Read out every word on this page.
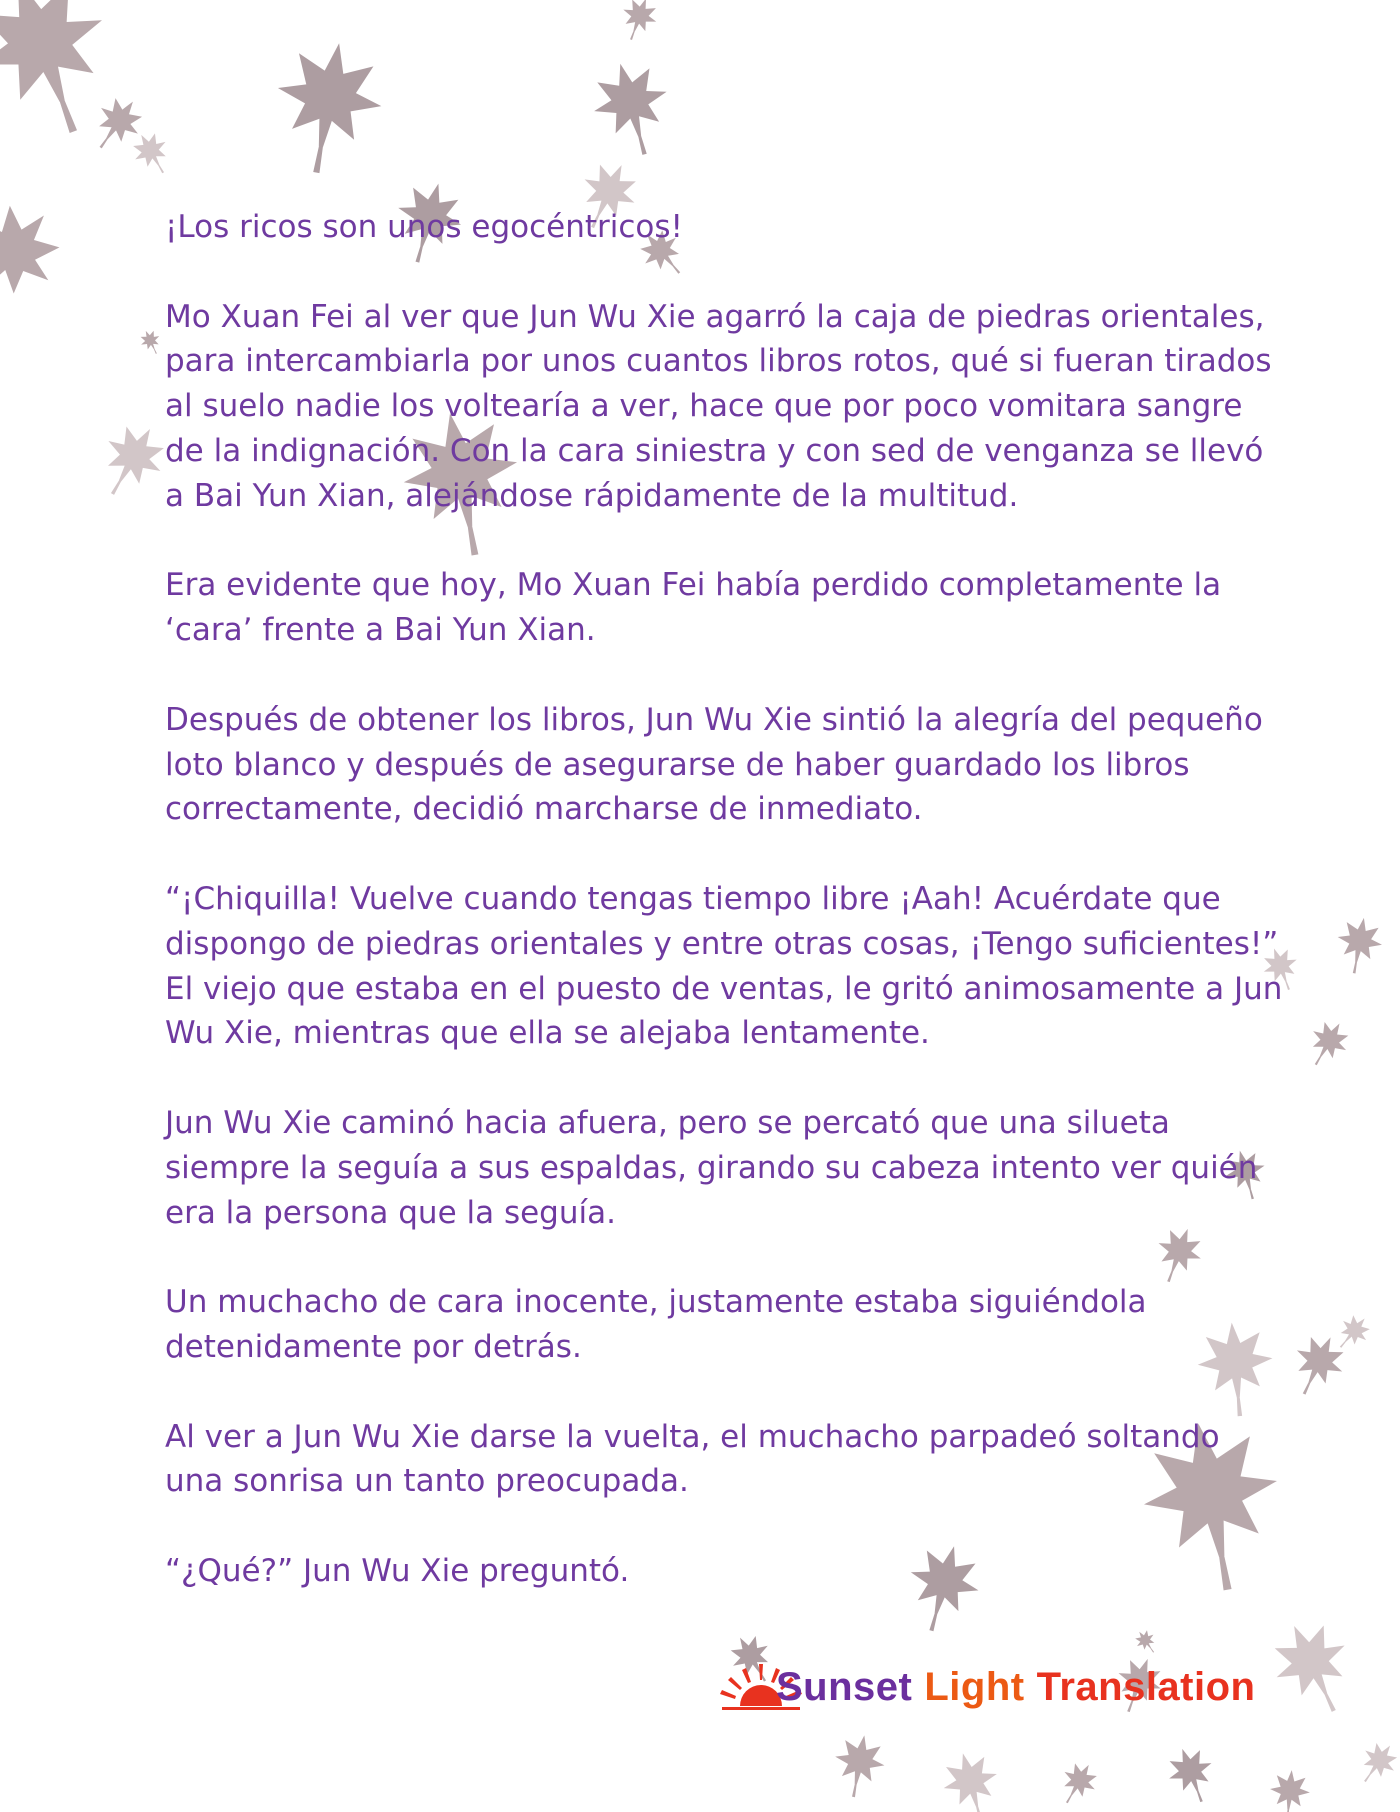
¡Los ricos son unos egocéntricos!

Mo Xuan Fei al ver que Jun Wu Xie agarró la caja de piedras orientales, para intercambiarla por unos cuantos libros rotos, qué si fueran tirados al suelo nadie los voltearía a ver, hace que por poco vomitara sangre de la indignación. Con la cara siniestra y con sed de venganza se llevó a Bai Yun Xian, alejándose rápidamente de la multitud.

Era evidente que hoy, Mo Xuan Fei había perdido completamente la ‘cara’ frente a Bai Yun Xian.

Después de obtener los libros, Jun Wu Xie sintió la alegría del pequeño loto blanco y después de asegurarse de haber guardado los libros correctamente, decidió marcharse de inmediato.

“¡Chiquilla! Vuelve cuando tengas tiempo libre ¡Aah! Acuérdate que dispongo de piedras orientales y entre otras cosas, ¡Tengo suficientes!” El viejo que estaba en el puesto de ventas, le gritó animosamente a Jun Wu Xie, mientras que ella se alejaba lentamente.

Jun Wu Xie caminó hacia afuera, pero se percató que una silueta siempre la seguía a sus espaldas, girando su cabeza intento ver quién era la persona que la seguía.

Un muchacho de cara inocente, justamente estaba siguiéndola detenidamente por detrás.

Al ver a Jun Wu Xie darse la vuelta, el muchacho parpadeó soltando una sonrisa un tanto preocupada.

“¿Qué?” Jun Wu Xie preguntó.

Sunset Light Translation
